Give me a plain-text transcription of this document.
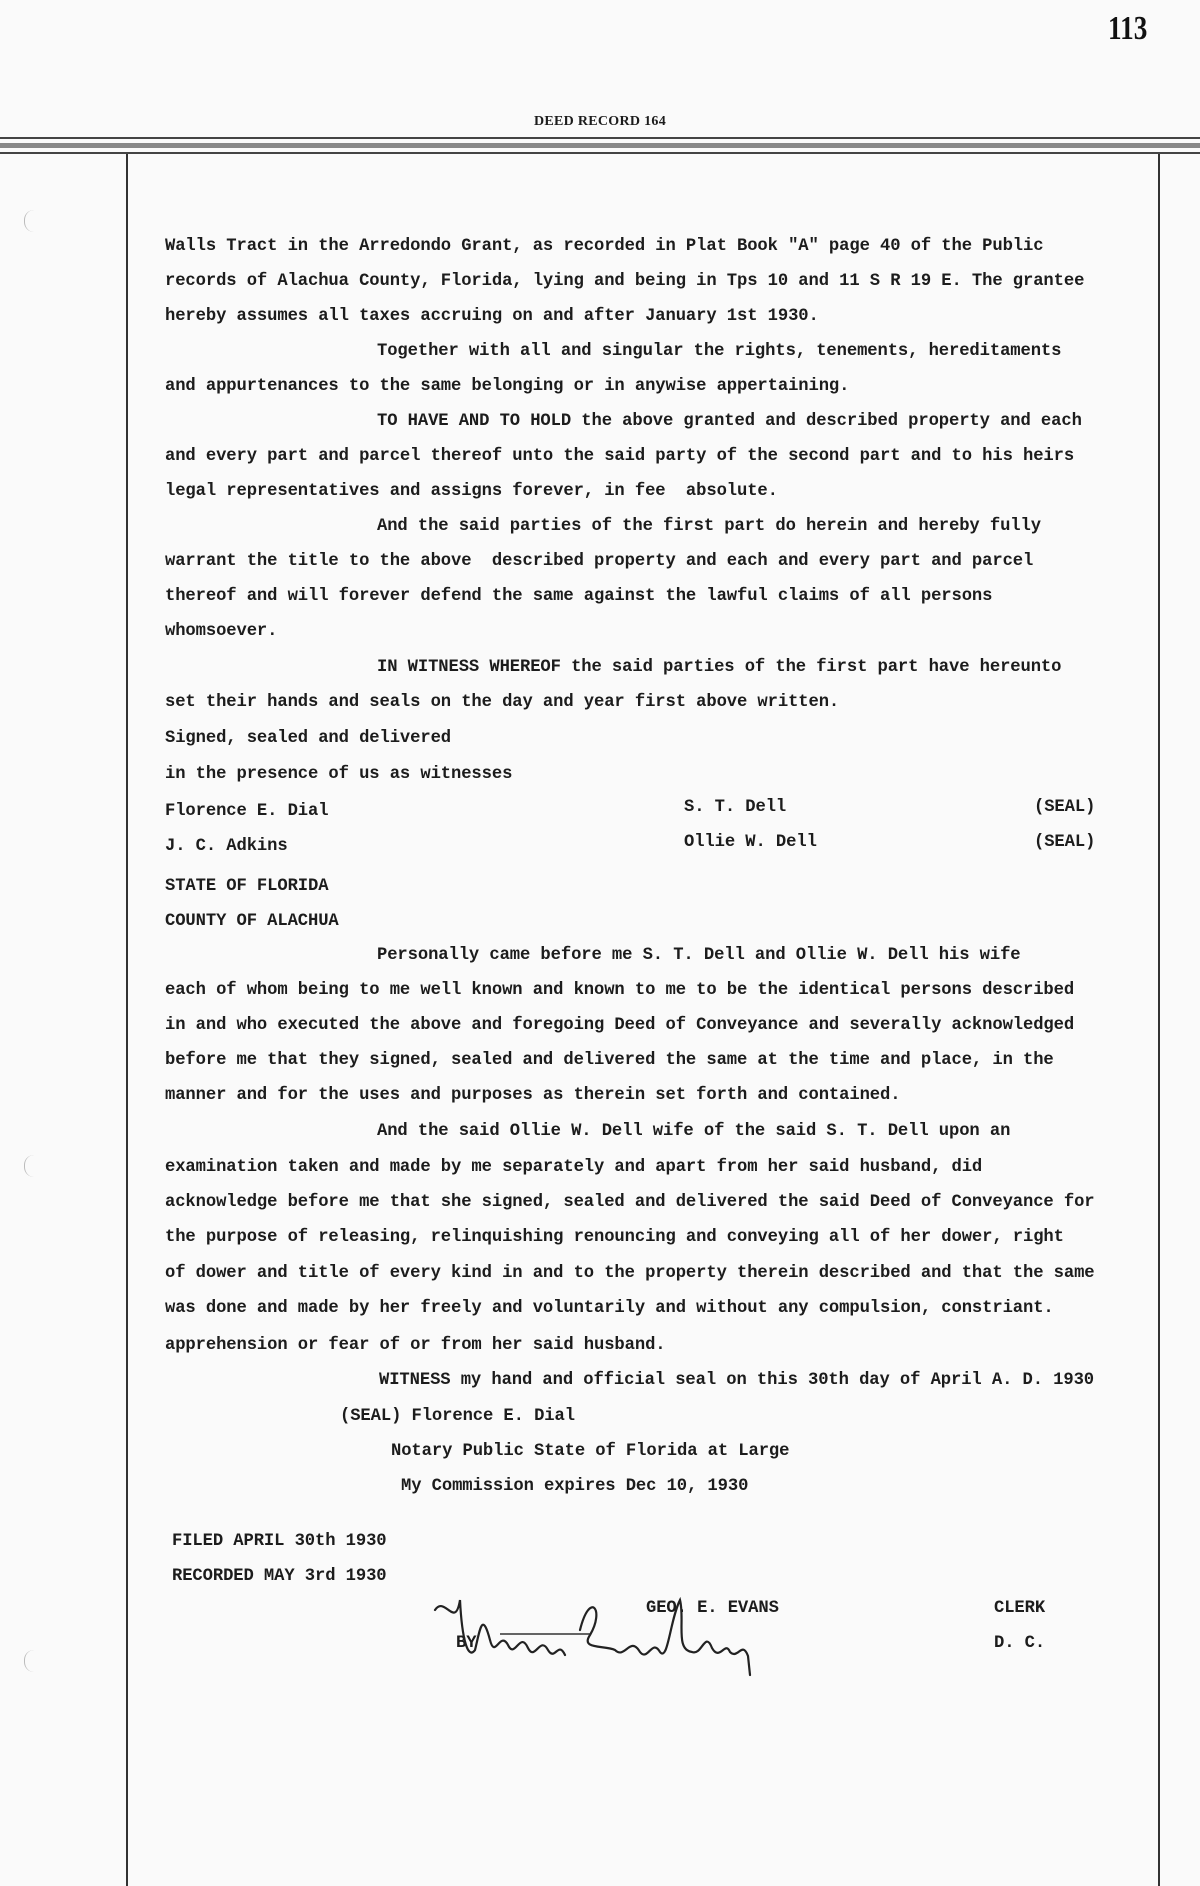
113
DEED RECORD 164
Walls Tract in the Arredondo Grant, as recorded in Plat Book "A" page 40 of the Public
records of Alachua County, Florida, lying and being in Tps 10 and 11 S R 19 E. The grantee
hereby assumes all taxes accruing on and after January 1st 1930.
Together with all and singular the rights, tenements, hereditaments
and appurtenances to the same belonging or in anywise appertaining.
TO HAVE AND TO HOLD the above granted and described property and each
and every part and parcel thereof unto the said party of the second part and to his heirs
legal representatives and assigns forever, in fee  absolute.
And the said parties of the first part do herein and hereby fully
warrant the title to the above  described property and each and every part and parcel
thereof and will forever defend the same against the lawful claims of all persons
whomsoever.
IN WITNESS WHEREOF the said parties of the first part have hereunto
set their hands and seals on the day and year first above written.
Signed, sealed and delivered
in the presence of us as witnesses
Florence E. Dial	S. T. Dell	(SEAL)
J. C. Adkins	Ollie W. Dell	(SEAL)
STATE OF FLORIDA
COUNTY OF ALACHUA
Personally came before me S. T. Dell and Ollie W. Dell his wife
each of whom being to me well known and known to me to be the identical persons described
in and who executed the above and foregoing Deed of Conveyance and severally acknowledged
before me that they signed, sealed and delivered the same at the time and place, in the
manner and for the uses and purposes as therein set forth and contained.
And the said Ollie W. Dell wife of the said S. T. Dell upon an
examination taken and made by me separately and apart from her said husband, did
acknowledge before me that she signed, sealed and delivered the said Deed of Conveyance for
the purpose of releasing, relinquishing renouncing and conveying all of her dower, right
of dower and title of every kind in and to the property therein described and that the same
was done and made by her freely and voluntarily and without any compulsion, constriant.
apprehension or fear of or from her said husband.
WITNESS my hand and official seal on this 30th day of April A. D. 1930
(SEAL) Florence E. Dial
Notary Public State of Florida at Large
My Commission expires Dec 10, 1930
FILED APRIL 30th 1930
RECORDED MAY 3rd 1930
GEO. E. EVANS	CLERK
BY	D. C.
